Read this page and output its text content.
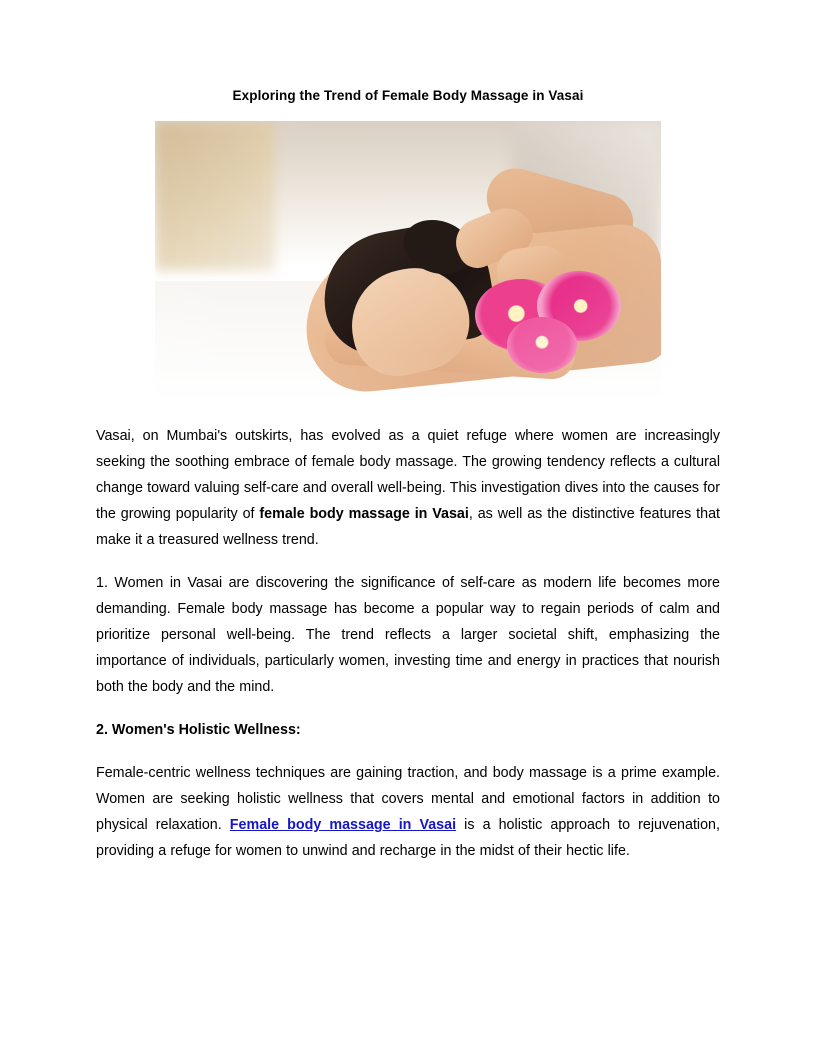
Exploring the Trend of Female Body Massage in Vasai

Vasai, on Mumbai's outskirts, has evolved as a quiet refuge where women are increasingly seeking the soothing embrace of female body massage. The growing tendency reflects a cultural change toward valuing self-care and overall well-being. This investigation dives into the causes for the growing popularity of female body massage in Vasai, as well as the distinctive features that make it a treasured wellness trend.

1. Women in Vasai are discovering the significance of self-care as modern life becomes more demanding. Female body massage has become a popular way to regain periods of calm and prioritize personal well-being. The trend reflects a larger societal shift, emphasizing the importance of individuals, particularly women, investing time and energy in practices that nourish both the body and the mind.

2. Women's Holistic Wellness:

Female-centric wellness techniques are gaining traction, and body massage is a prime example. Women are seeking holistic wellness that covers mental and emotional factors in addition to physical relaxation. Female body massage in Vasai is a holistic approach to rejuvenation, providing a refuge for women to unwind and recharge in the midst of their hectic life.
